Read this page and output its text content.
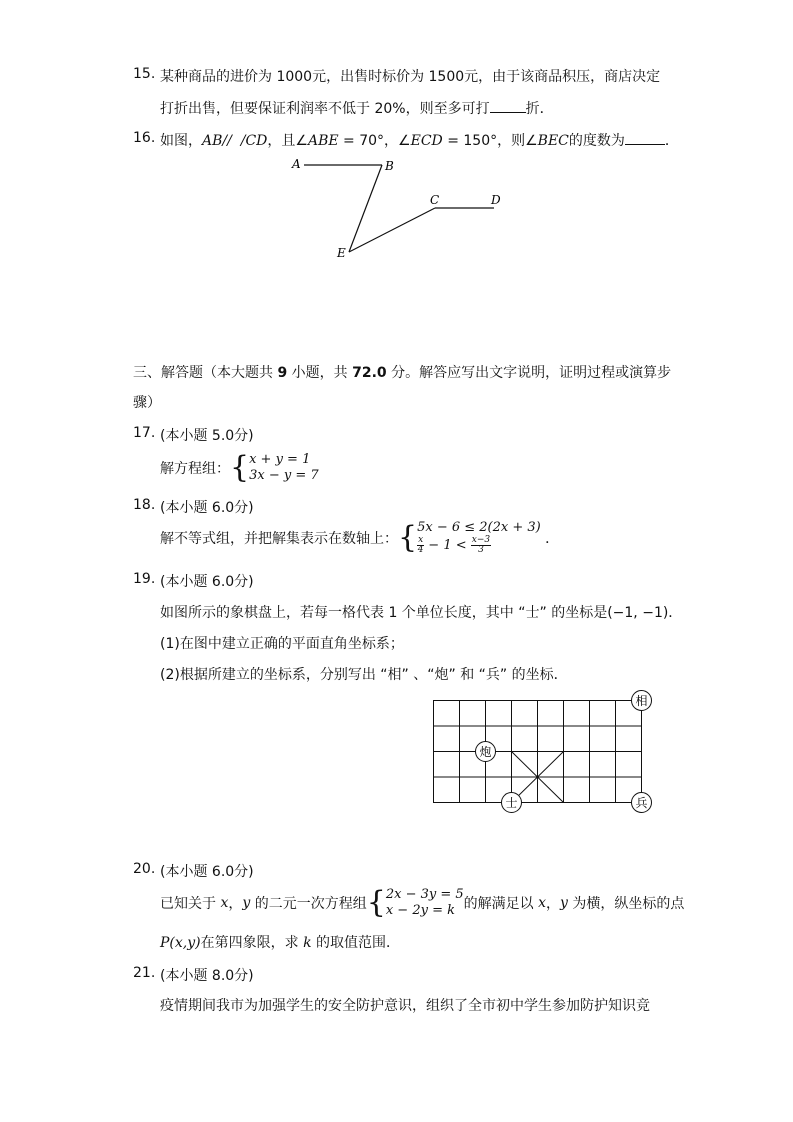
15. 某种商品的进价为 1000元，出售时标价为 1500元，由于该商品积压，商店决定
打折出售，但要保证利润率不低于 20%，则至多可打	折．
16. 如图，AB// /CD，且∠ABE = 70°，∠ECD = 150°，则∠BEC的度数为	．
A	B
C	D
E
三、解答题（本大题共 9 小题，共 72.0 分。解答应写出文字说明，证明过程或演算步
骤）
17. (本小题 5.0分)
解方程组：{ x + y = 1
3x − y = 7
18. (本小题 6.0分)
解不等式组，并把解集表示在数轴上：{ 5x − 6 ≤ 2(2x + 3)
$\frac{x}{4} - 1 < \frac{x-3}{3}$	．
19. (本小题 6.0分)
如图所示的象棋盘上，若每一格代表 1 个单位长度，其中 “士” 的坐标是(−1, −1)．
(1)在图中建立正确的平面直角坐标系；
(2)根据所建立的坐标系，分别写出 “相” 、“炮” 和 “兵” 的坐标．
相
炮
士	兵
20. (本小题 6.0分)
已知关于 x，y 的二元一次方程组{ 2x − 3y = 5
x − 2y = k 的解满足以 x，y 为横，纵坐标的点
P(x,y)在第四象限，求 k 的取值范围．
21. (本小题 8.0分)
疫情期间我市为加强学生的安全防护意识，组织了全市初中学生参加防护知识竞
